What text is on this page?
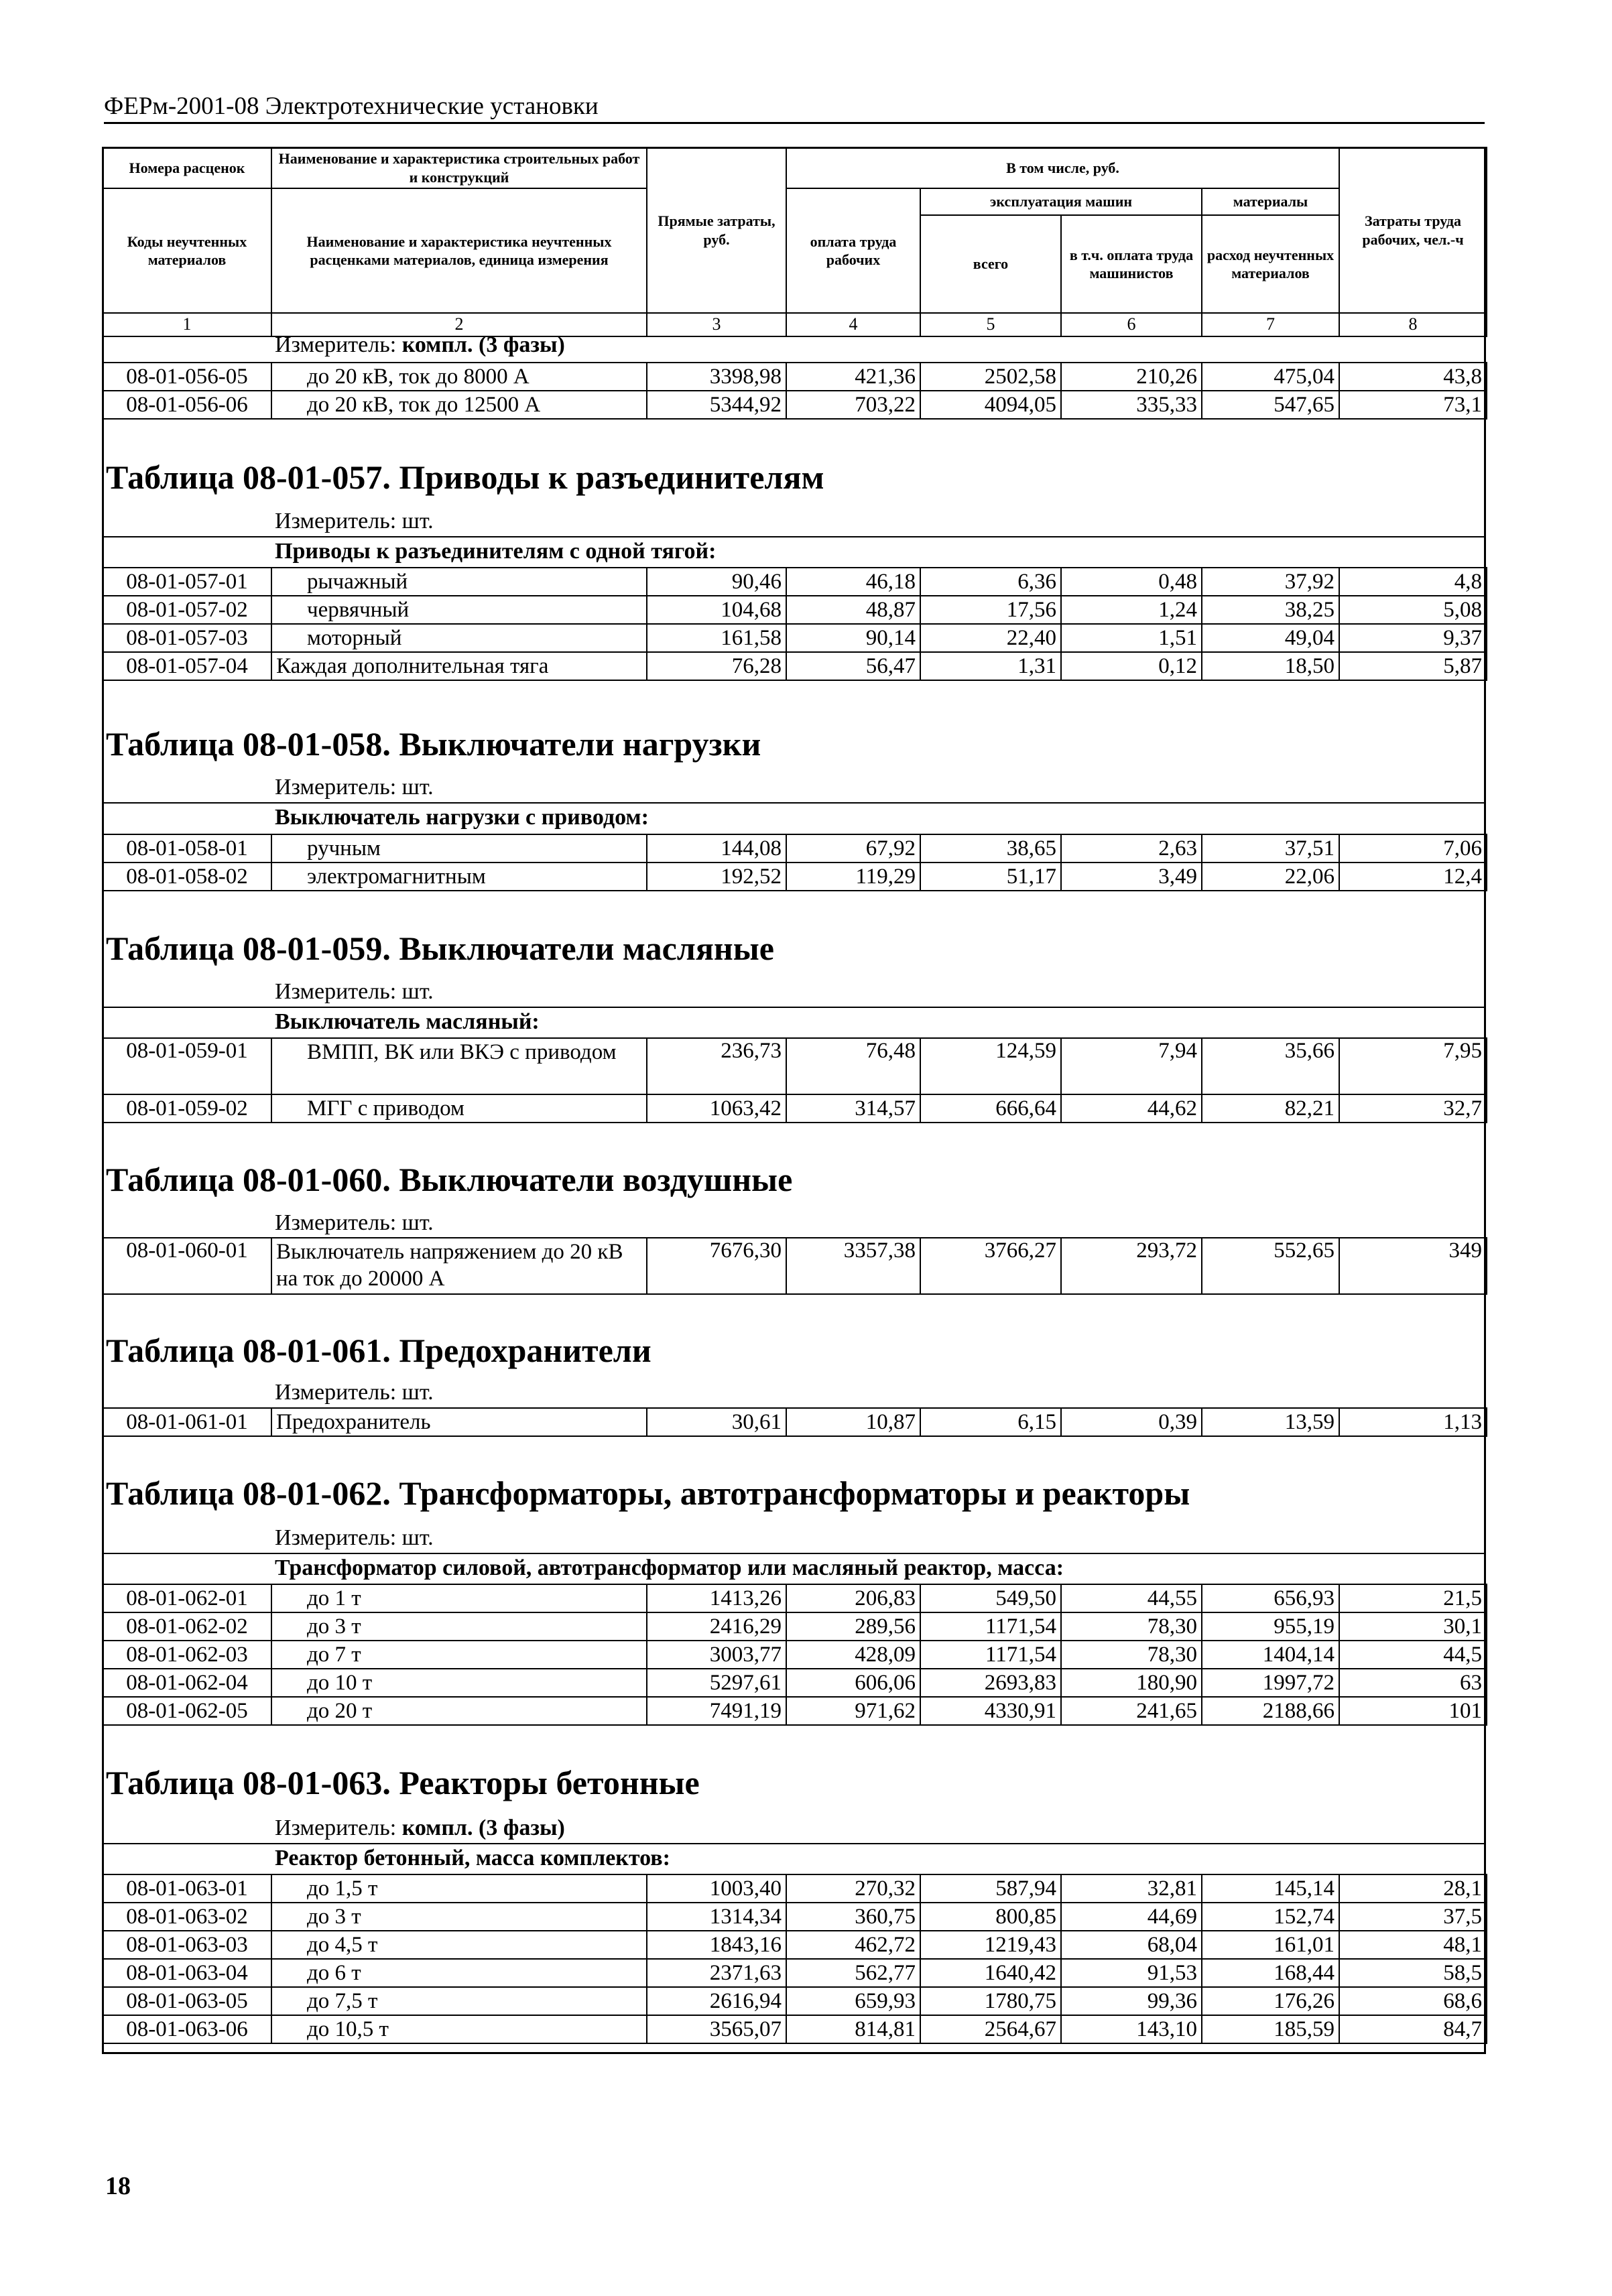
ФЕРм-2001-08 Электротехнические установки
Номера расценок	Наименование и характеристика строительных работ и конструкций	Прямые затраты, руб.	В том числе, руб.				Затраты труда рабочих, чел.-ч
Коды неучтенных материалов	Наименование и характеристика неучтенных расценками материалов, единица измерения		оплата труда рабочих	эксплуатация машин		материалы	
				всего	в т.ч. оплата труда машинистов	расход неучтенных материалов	
1	2	3	4	5	6	7	8
Измеритель: компл. (3 фазы)
08-01-056-05	до 20 кВ, ток до 8000 А	3398,98	421,36	2502,58	210,26	475,04	43,8
08-01-056-06	до 20 кВ, ток до 12500 А	5344,92	703,22	4094,05	335,33	547,65	73,1
Таблица 08-01-057. Приводы к разъединителям
Измеритель: шт.
Приводы к разъединителям с одной тягой:
08-01-057-01	рычажный	90,46	46,18	6,36	0,48	37,92	4,8
08-01-057-02	червячный	104,68	48,87	17,56	1,24	38,25	5,08
08-01-057-03	моторный	161,58	90,14	22,40	1,51	49,04	9,37
08-01-057-04	Каждая дополнительная тяга	76,28	56,47	1,31	0,12	18,50	5,87
Таблица 08-01-058. Выключатели нагрузки
Измеритель: шт.
Выключатель нагрузки с приводом:
08-01-058-01	ручным	144,08	67,92	38,65	2,63	37,51	7,06
08-01-058-02	электромагнитным	192,52	119,29	51,17	3,49	22,06	12,4
Таблица 08-01-059. Выключатели масляные
Измеритель: шт.
Выключатель масляный:
08-01-059-01	ВМПП, ВК или ВКЭ с приводом	236,73	76,48	124,59	7,94	35,66	7,95
08-01-059-02	МГГ с приводом	1063,42	314,57	666,64	44,62	82,21	32,7
Таблица 08-01-060. Выключатели воздушные
Измеритель: шт.
08-01-060-01	Выключатель напряжением до 20 кВ на ток до 20000 А	7676,30	3357,38	3766,27	293,72	552,65	349
Таблица 08-01-061. Предохранители
Измеритель: шт.
08-01-061-01	Предохранитель	30,61	10,87	6,15	0,39	13,59	1,13
Таблица 08-01-062. Трансформаторы, автотрансформаторы и реакторы
Измеритель: шт.
Трансформатор силовой, автотрансформатор или масляный реактор, масса:
08-01-062-01	до 1 т	1413,26	206,83	549,50	44,55	656,93	21,5
08-01-062-02	до 3 т	2416,29	289,56	1171,54	78,30	955,19	30,1
08-01-062-03	до 7 т	3003,77	428,09	1171,54	78,30	1404,14	44,5
08-01-062-04	до 10 т	5297,61	606,06	2693,83	180,90	1997,72	63
08-01-062-05	до 20 т	7491,19	971,62	4330,91	241,65	2188,66	101
Таблица 08-01-063. Реакторы бетонные
Измеритель: компл. (3 фазы)
Реактор бетонный, масса комплектов:
08-01-063-01	до 1,5 т	1003,40	270,32	587,94	32,81	145,14	28,1
08-01-063-02	до 3 т	1314,34	360,75	800,85	44,69	152,74	37,5
08-01-063-03	до 4,5 т	1843,16	462,72	1219,43	68,04	161,01	48,1
08-01-063-04	до 6 т	2371,63	562,77	1640,42	91,53	168,44	58,5
08-01-063-05	до 7,5 т	2616,94	659,93	1780,75	99,36	176,26	68,6
08-01-063-06	до 10,5 т	3565,07	814,81	2564,67	143,10	185,59	84,7
18
